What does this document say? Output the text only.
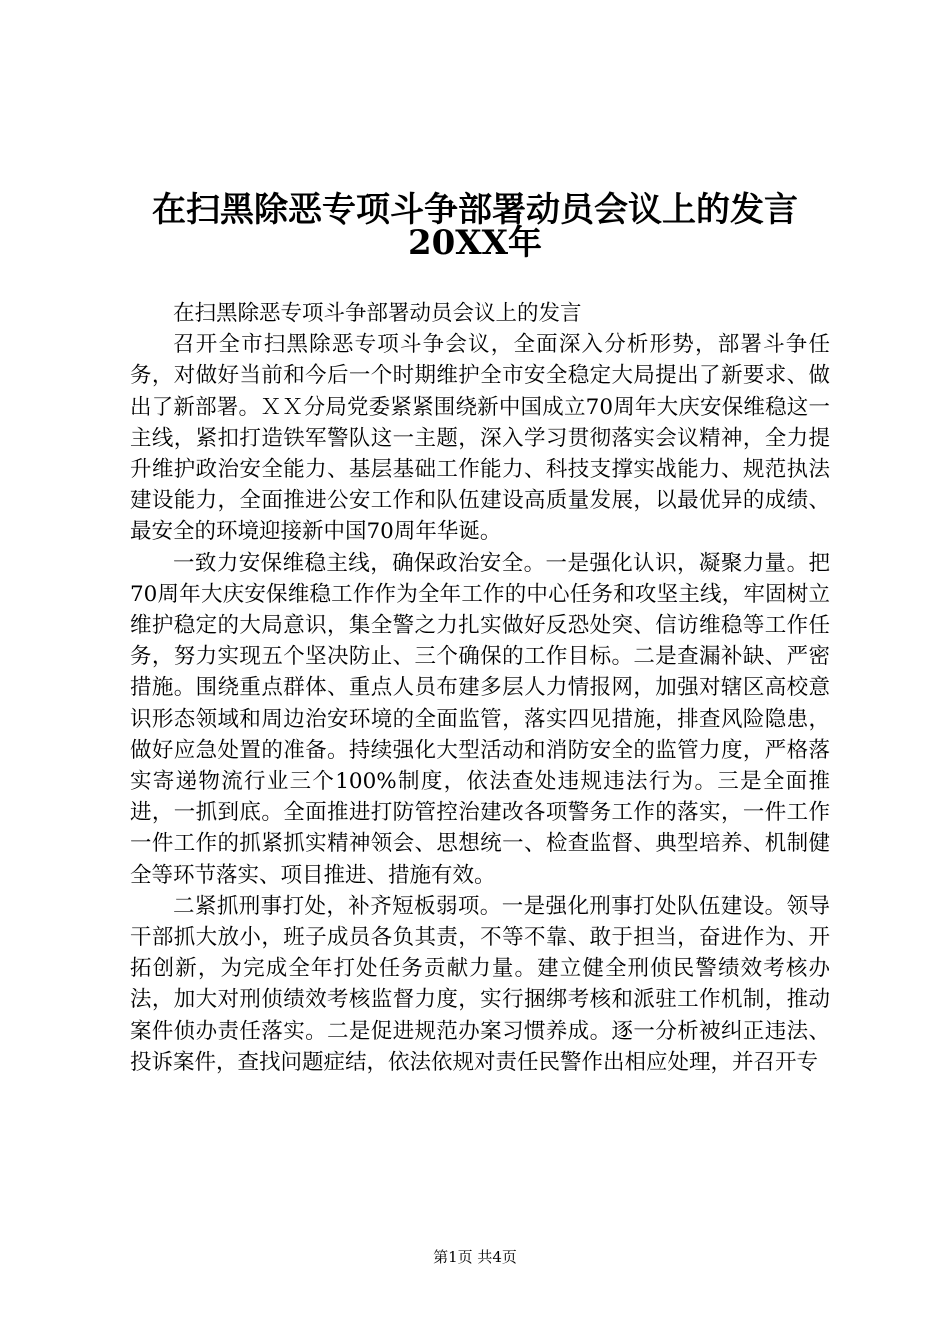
在扫黑除恶专项斗争部署动员会议上的发言
20XX年

在扫黑除恶专项斗争部署动员会议上的发言

召开全市扫黑除恶专项斗争会议，全面深入分析形势，部署斗争任务，对做好当前和今后一个时期维护全市安全稳定大局提出了新要求、做出了新部署。ＸＸ分局党委紧紧围绕新中国成立70周年大庆安保维稳这一主线，紧扣打造铁军警队这一主题，深入学习贯彻落实会议精神，全力提升维护政治安全能力、基层基础工作能力、科技支撑实战能力、规范执法建设能力，全面推进公安工作和队伍建设高质量发展，以最优异的成绩、最安全的环境迎接新中国70周年华诞。

一致力安保维稳主线，确保政治安全。一是强化认识，凝聚力量。把70周年大庆安保维稳工作作为全年工作的中心任务和攻坚主线，牢固树立维护稳定的大局意识，集全警之力扎实做好反恐处突、信访维稳等工作任务，努力实现五个坚决防止、三个确保的工作目标。二是查漏补缺、严密措施。围绕重点群体、重点人员布建多层人力情报网，加强对辖区高校意识形态领域和周边治安环境的全面监管，落实四见措施，排查风险隐患，做好应急处置的准备。持续强化大型活动和消防安全的监管力度，严格落实寄递物流行业三个100%制度，依法查处违规违法行为。三是全面推进，一抓到底。全面推进打防管控治建改各项警务工作的落实，一件工作一件工作的抓紧抓实精神领会、思想统一、检查监督、典型培养、机制健全等环节落实、项目推进、措施有效。

二紧抓刑事打处，补齐短板弱项。一是强化刑事打处队伍建设。领导干部抓大放小，班子成员各负其责，不等不靠、敢于担当，奋进作为、开拓创新，为完成全年打处任务贡献力量。建立健全刑侦民警绩效考核办法，加大对刑侦绩效考核监督力度，实行捆绑考核和派驻工作机制，推动案件侦办责任落实。二是促进规范办案习惯养成。逐一分析被纠正违法、投诉案件，查找问题症结，依法依规对责任民警作出相应处理，并召开专

第1页 共4页
